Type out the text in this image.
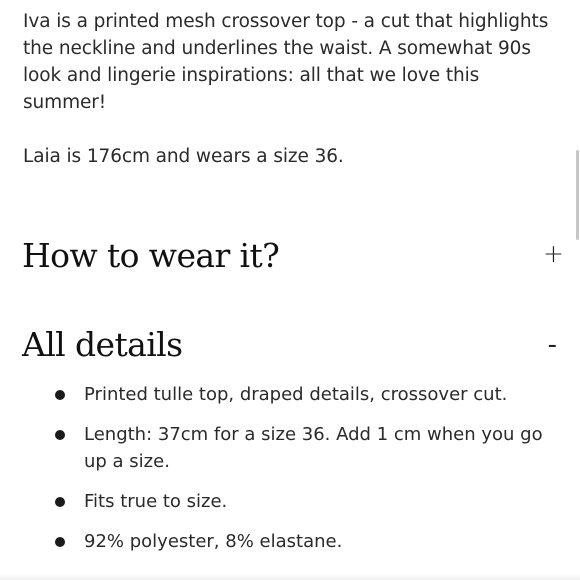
Iva is a printed mesh crossover top - a cut that highlights the neckline and underlines the waist. A somewhat 90s look and lingerie inspirations: all that we love this summer!

Laia is 176cm and wears a size 36.

How to wear it?	+
All details	-
Printed tulle top, draped details, crossover cut.
Length: 37cm for a size 36. Add 1 cm when you go up a size.
Fits true to size.
92% polyester, 8% elastane.
